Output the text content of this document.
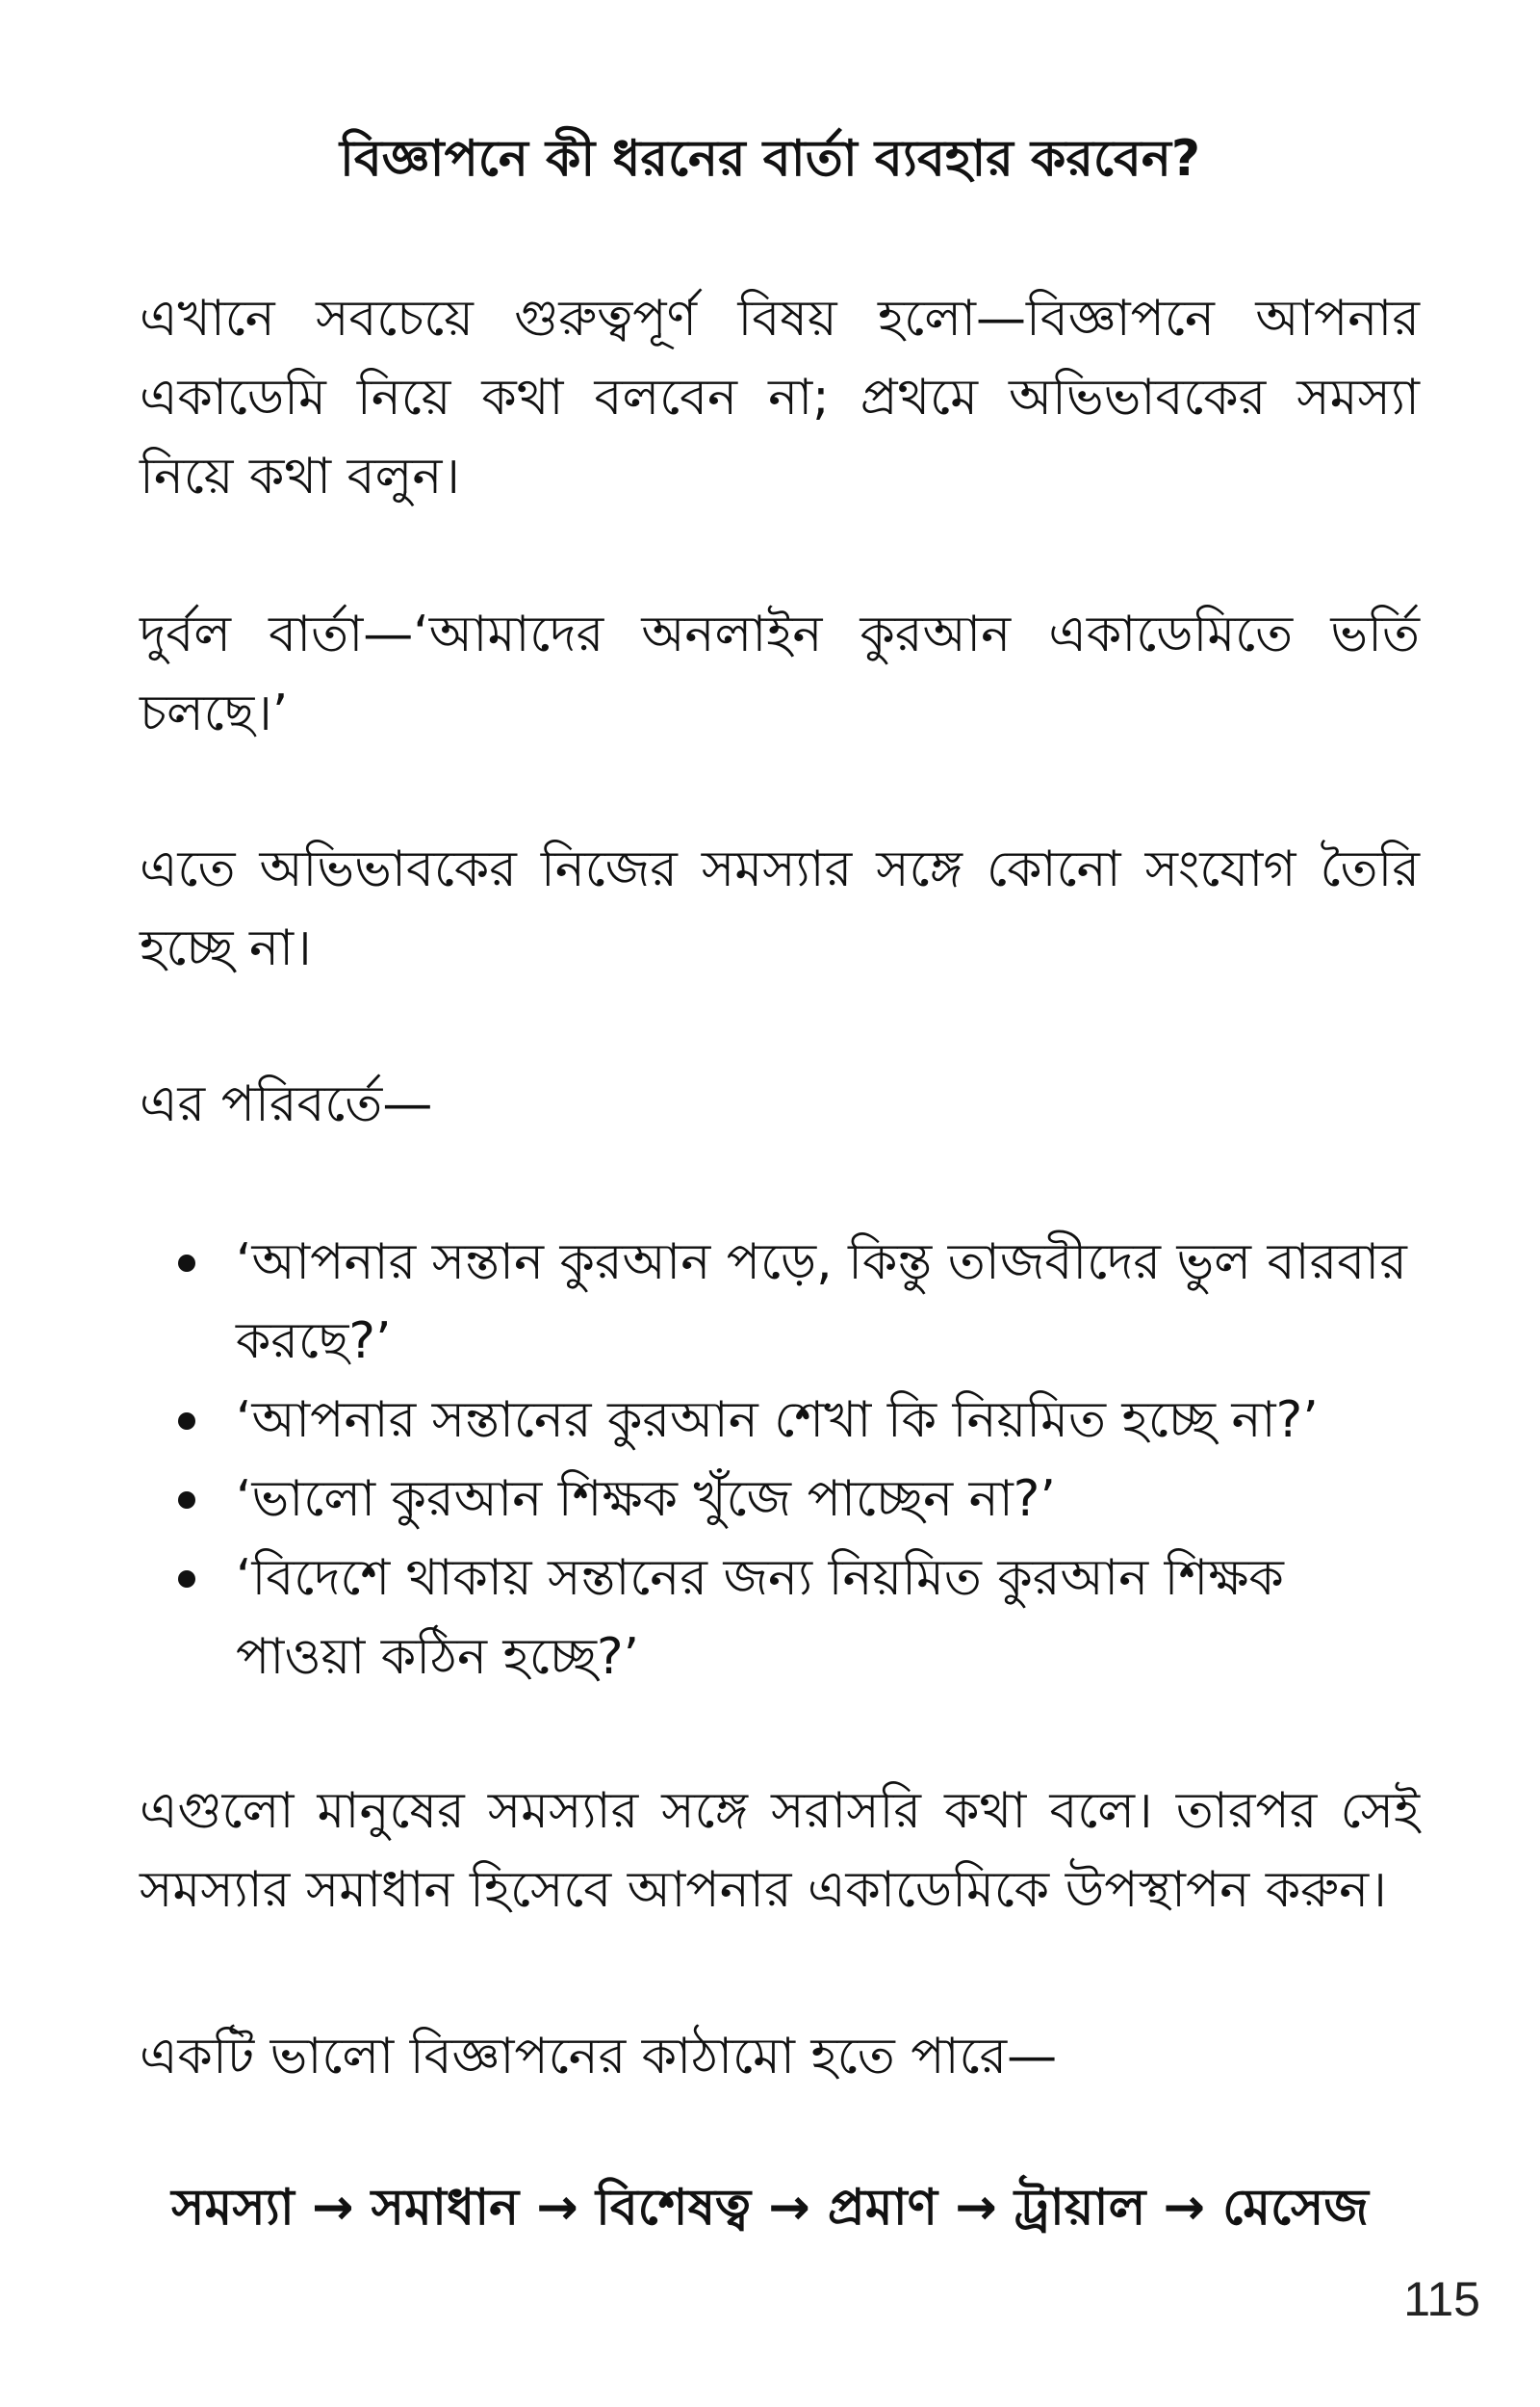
বিজ্ঞাপনে কী ধরনের বার্তা ব্যবহার করবেন?

এখানে সবচেয়ে গুরুত্বপূর্ণ বিষয় হলো—বিজ্ঞাপনে আপনার একাডেমি নিয়ে কথা বলবেন না; প্রথমে অভিভাবকের সমস্যা নিয়ে কথা বলুন।

দুর্বল বার্তা—‘আমাদের অনলাইন কুরআন একাডেমিতে ভর্তি চলছে।’

এতে অভিভাবকের নিজের সমস্যার সঙ্গে কোনো সংযোগ তৈরি হচ্ছে না।

এর পরিবর্তে—

‘আপনার সন্তান কুরআন পড়ে, কিন্তু তাজবীদের ভুল বারবার করছে?’
‘আপনার সন্তানের কুরআন শেখা কি নিয়মিত হচ্ছে না?’
‘ভালো কুরআন শিক্ষক খুঁজে পাচ্ছেন না?’
‘বিদেশে থাকায় সন্তানের জন্য নিয়মিত কুরআন শিক্ষক পাওয়া কঠিন হচ্ছে?’

এগুলো মানুষের সমস্যার সঙ্গে সরাসরি কথা বলে। তারপর সেই সমস্যার সমাধান হিসেবে আপনার একাডেমিকে উপস্থাপন করুন।

একটি ভালো বিজ্ঞাপনের কাঠামো হতে পারে—

সমস্যা → সমাধান → বিশেষত্ব → প্রমাণ → ট্রায়াল → মেসেজ

115
